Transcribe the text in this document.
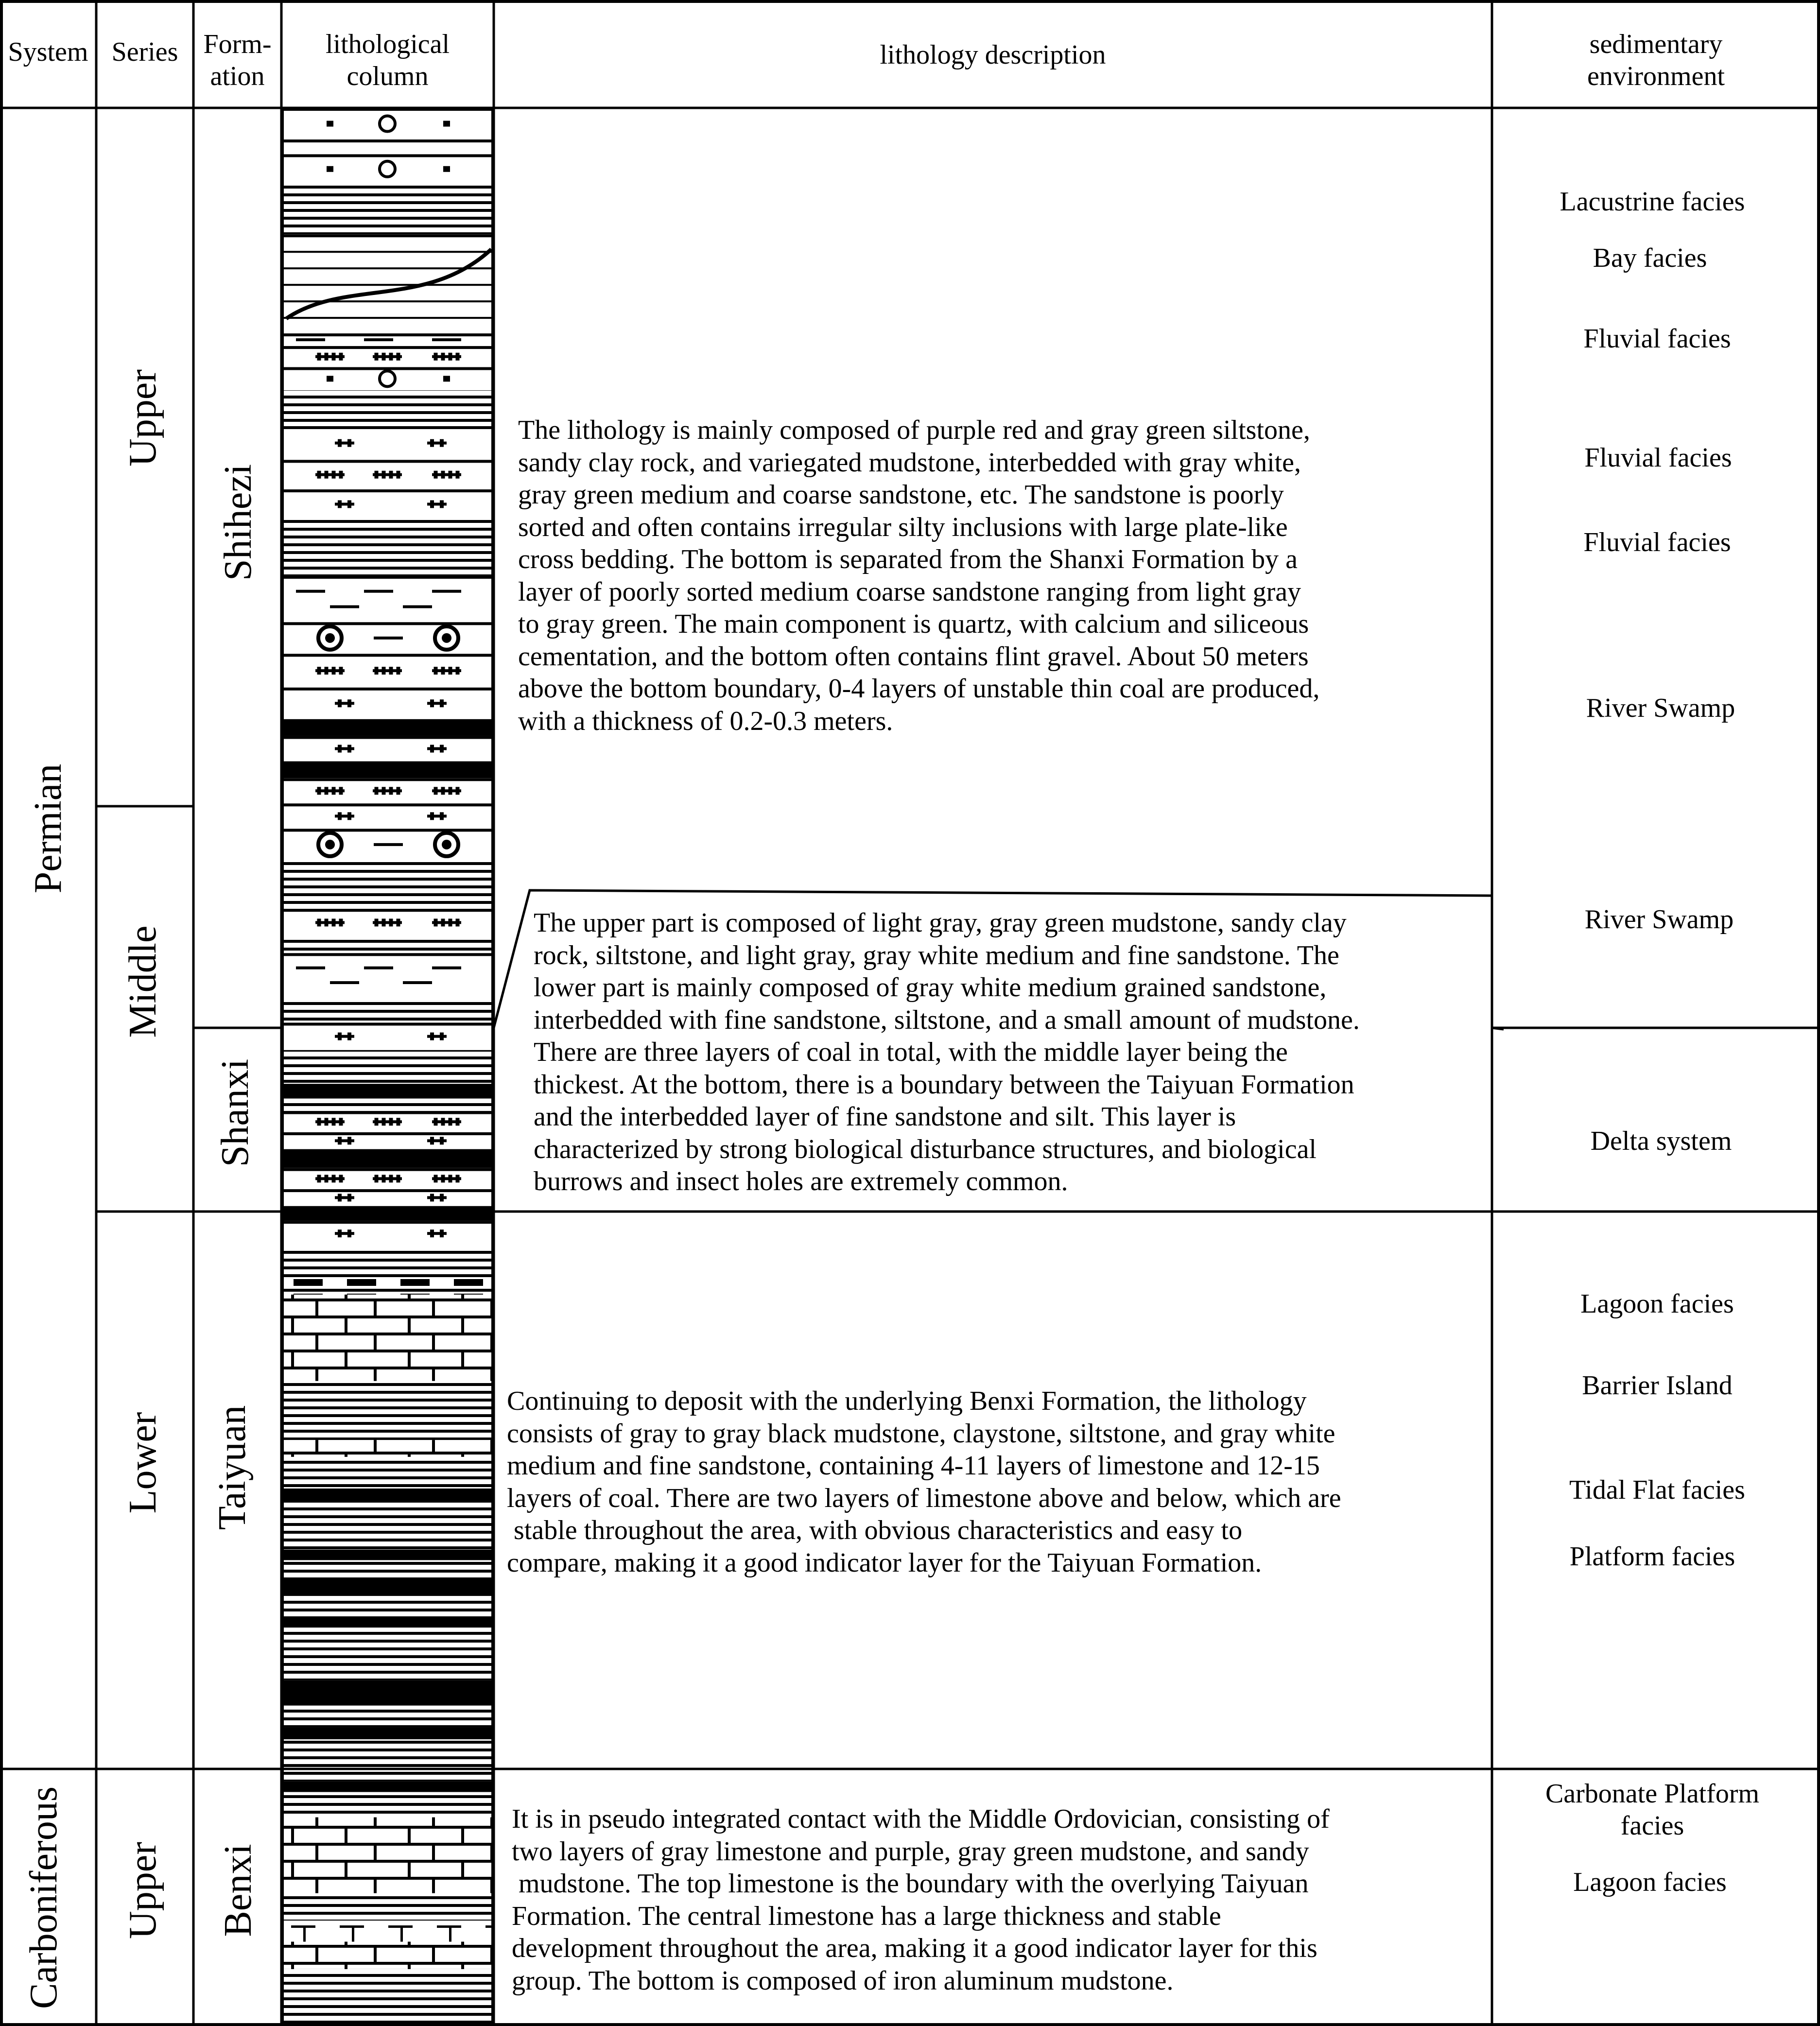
System Series Form-
ation
lithological
column
lithology description	sedimentary
environment
Permian
Carboniferous
Upper
Middle
Lower
Upper
Shihezi
Shanxi
Taiyuan
Benxi
The lithology is mainly composed of purple red and gray green siltstone,
sandy clay rock, and variegated mudstone, interbedded with gray white,
gray green medium and coarse sandstone, etc. The sandstone is poorly
sorted and often contains irregular silty inclusions with large plate-like
cross bedding. The bottom is separated from the Shanxi Formation by a
layer of poorly sorted medium coarse sandstone ranging from light gray
to gray green. The main component is quartz, with calcium and siliceous
cementation, and the bottom often contains flint gravel. About 50 meters
above the bottom boundary, 0-4 layers of unstable thin coal are produced,
with a thickness of 0.2-0.3 meters.
The upper part is composed of light gray, gray green mudstone, sandy clay
rock, siltstone, and light gray, gray white medium and fine sandstone. The
lower part is mainly composed of gray white medium grained sandstone,
interbedded with fine sandstone, siltstone, and a small amount of mudstone.
There are three layers of coal in total, with the middle layer being the
thickest. At the bottom, there is a boundary between the Taiyuan Formation
and the interbedded layer of fine sandstone and silt. This layer is
characterized by strong biological disturbance structures, and biological
burrows and insect holes are extremely common.
Continuing to deposit with the underlying Benxi Formation, the lithology
consists of gray to gray black mudstone, claystone, siltstone, and gray white
medium and fine sandstone, containing 4-11 layers of limestone and 12-15
layers of coal. There are two layers of limestone above and below, which are
stable throughout the area, with obvious characteristics and easy to
compare, making it a good indicator layer for the Taiyuan Formation.
It is in pseudo integrated contact with the Middle Ordovician, consisting of
two layers of gray limestone and purple, gray green mudstone, and sandy
mudstone. The top limestone is the boundary with the overlying Taiyuan
Formation. The central limestone has a large thickness and stable
development throughout the area, making it a good indicator layer for this
group. The bottom is composed of iron aluminum mudstone.
Lacustrine facies
Bay facies
Fluvial facies
Fluvial facies
Fluvial facies
River Swamp
River Swamp
Delta system
Lagoon facies
Barrier Island
Tidal Flat facies
Platform facies
Carbonate Platform
facies
Lagoon facies
